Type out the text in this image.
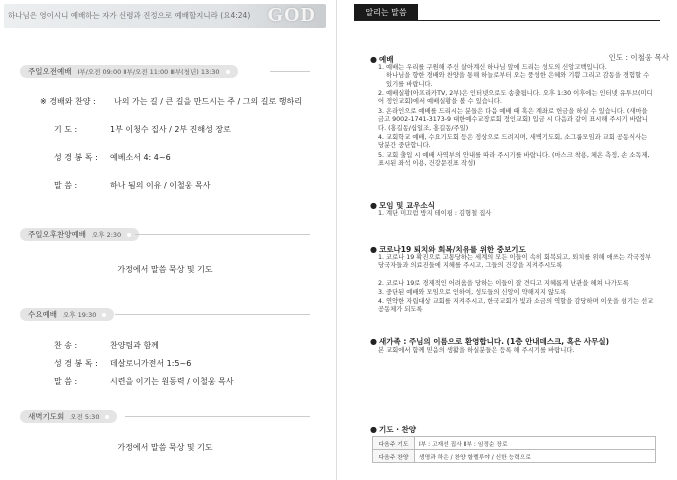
하나님은 영이시니 예배하는 자가 신령과 진정으로 예배할지니라 (요4:24) GOD
인도 : 이철웅 목사
주일오전예배 Ⅰ부/오전 09:00 Ⅱ부/오전 11:00 Ⅲ부(청년) 13:30
※ 경배와 찬양 :	나의 가는 길 / 큰 길을 만드시는 주 / 그의 길로 행하리
기 도 :	1부 이청수 집사 / 2부 진해성 장로
성 경 봉 독 :	예베소서 4: 4~6
말 씀 :	하나 됨의 이유 / 이철웅 목사
주일오후찬양예배 오후 2:30
가정에서 말씀 묵상 및 기도
수요예배 오후 19:30
찬 송 :	찬양팀과 함께
성 경 봉 독 :	데살로니가전서 1:5~6
말 씀 :	시련을 이기는 원동력 / 이철웅 목사
새벽기도회 오전 5:30
가정에서 말씀 묵상 및 기도
알리는 말씀
● 예배
1. 예배는 우리를 구원해 주신 살아계신 하나님 앞에 드리는 성도의 신앙고백입니다.
하나님을 향한 경배와 찬양을 통해 하늘로부터 오는 풍성한 은혜와 기쁨 그리고 감동을 경험할 수 있기를 바랍니다.
2. 예배실황(아프리카TV, 2부)은 인터넷으로도 송출됩니다. 오후 1:30 이후에는 인터넷 유투브(미디어 정인교회)에서 예배실황을 볼 수 있습니다.
3. 온라인으로 예배를 드리시는 분들은 다음 예배 때 혹은 계좌로 헌금을 하실 수 있습니다. (새마을 금고 9002-1741-3173-9 대한예수교장로회 정인교회) 입금 시 다음과 같이 표시해 주시기 바랍니다. (홍길동/십일조, 홍길동/주일)
4. 교회학교 예배, 수요기도회 등은 정상으로 드려지며, 새벽기도회, 소그룹모임과 교회 공동식사는 당분간 중단합니다.
5. 교회 출입 시 예배 사역부의 안내를 따라 주시기를 바랍니다. (마스크 착용, 체온 측정, 손 소독제, 표시된 좌석 이용, 건강문진표 작성)
● 모임 및 교우소식
1. 계단 미끄럼 방지 테이핑 : 김형철 집사
● 코로나19 퇴치와 회복/치유를 위한 중보기도
1. 코로나 19 확진으로 고통당하는 세계의 모든 이들이 속히 회복되고, 퇴치를 위해 애쓰는 각국정부 당국자들과 의료진들에 지혜를 주시고, 그들의 건강을 지켜주시도록
2. 코로나 19로 경제적인 어려움을 당하는 이들이 잘 견디고 지혜롭게 난관을 헤쳐 나가도록
3. 중단된 예배와 모임으로 인하여, 성도들의 신앙이 약해지지 않도록
4. 연약한 자립대상 교회를 지켜주시고, 한국교회가 빛과 소금의 역할을 감당하며 이웃을 섬기는 선교 공동체가 되도록
● 새가족 : 주님의 이름으로 환영합니다. (1층 안내데스크, 혹은 사무실)
본 교회에서 함께 믿음의 생활을 하실분들은 등록 해 주시기를 바랍니다.
● 기도 · 찬양
다음주 기도	Ⅰ부 : 고재선 집사 Ⅱ부 : 임정순 장로
다음주 찬양	생명과 하은 / 찬양 할렐루야 / 신한 능력으로
